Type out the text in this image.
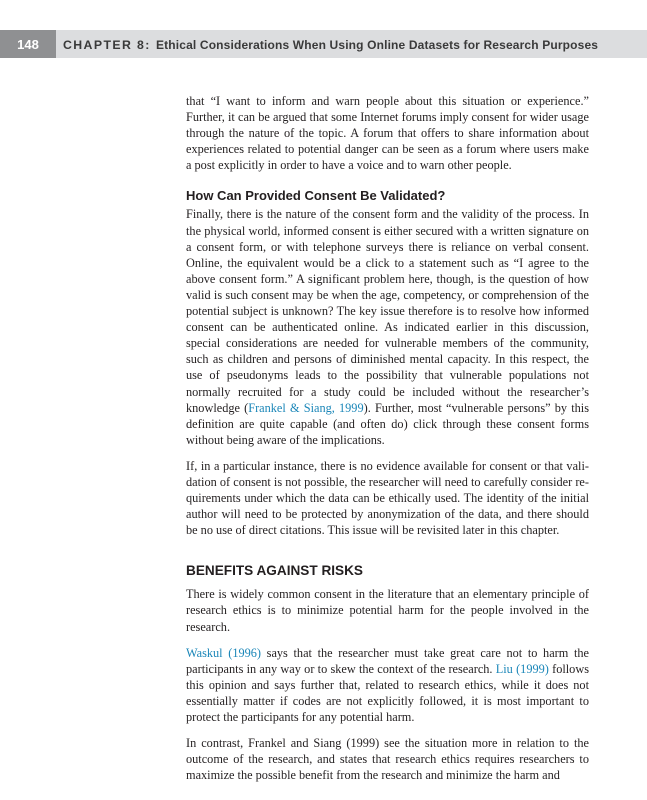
148	CHAPTER 8: Ethical Considerations When Using Online Datasets for Research Purposes

that “I want to inform and warn people about this situation or experience.” Further, it can be argued that some Internet forums imply consent for wider usage through the nature of the topic. A forum that offers to share information about experiences related to potential danger can be seen as a forum where users make a post explicitly in order to have a voice and to warn other people.

How Can Provided Consent Be Validated?

Finally, there is the nature of the consent form and the validity of the process. In the physical world, informed consent is either secured with a written signature on a consent form, or with telephone surveys there is reliance on verbal consent. Online, the equivalent would be a click to a statement such as “I agree to the above consent form.” A significant problem here, though, is the question of how valid is such consent may be when the age, competency, or comprehension of the potential subject is unknown? The key issue therefore is to resolve how informed consent can be authenticated online. As indicated earlier in this discussion, special considerations are needed for vulnerable members of the community, such as children and persons of diminished mental capacity. In this respect, the use of pseudonyms leads to the possibility that vulnerable populations not normally recruited for a study could be included without the researcher’s knowledge (Frankel & Siang, 1999). Further, most “vulnerable persons” by this definition are quite capable (and often do) click through these consent forms without being aware of the implications.

If, in a particular instance, there is no evidence available for consent or that validation of consent is not possible, the researcher will need to carefully consider requirements under which the data can be ethically used. The identity of the initial author will need to be protected by anonymization of the data, and there should be no use of direct citations. This issue will be revisited later in this chapter.

BENEFITS AGAINST RISKS

There is widely common consent in the literature that an elementary principle of research ethics is to minimize potential harm for the people involved in the research.

Waskul (1996) says that the researcher must take great care not to harm the participants in any way or to skew the context of the research. Liu (1999) follows this opinion and says further that, related to research ethics, while it does not essentially matter if codes are not explicitly followed, it is most important to protect the participants for any potential harm.

In contrast, Frankel and Siang (1999) see the situation more in relation to the outcome of the research, and states that research ethics requires researchers to maximize the possible benefit from the research and minimize the harm and
